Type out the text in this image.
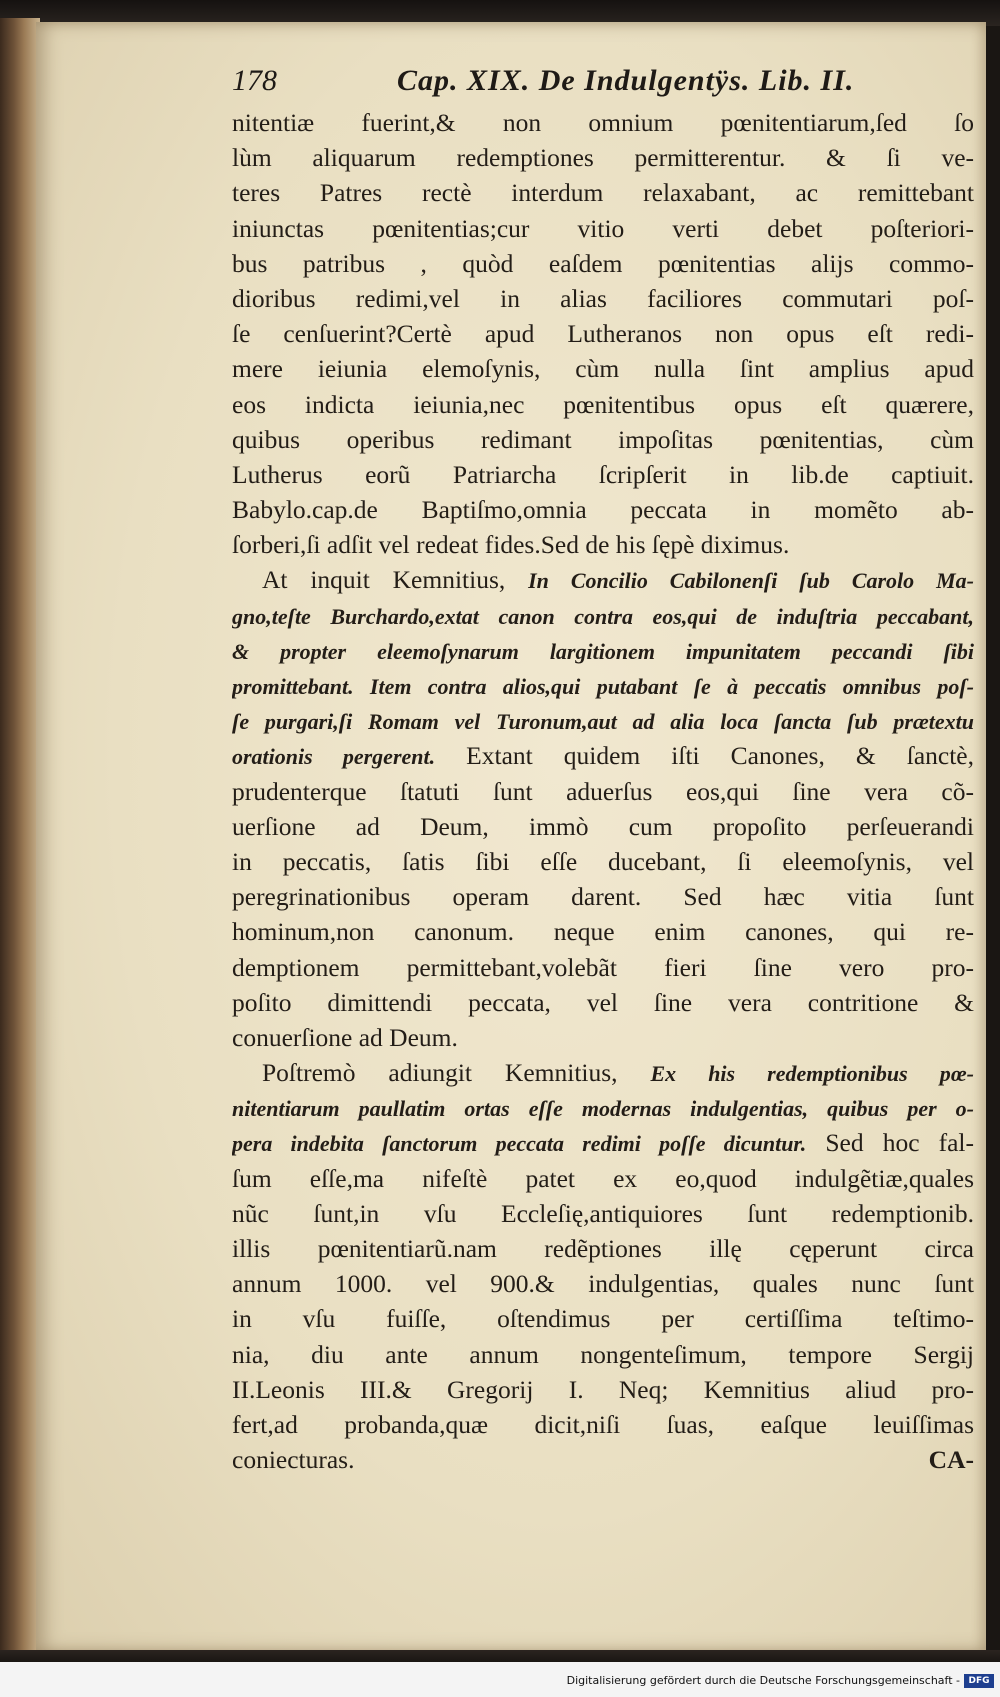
178	Cap. XIX. De Indulgentÿs. Lib. II.
nitentiæ fuerint,& non omnium pœnitentiarum,ſed ſo
lùm aliquarum redemptiones permitterentur. & ſi ve-
teres Patres rectè interdum relaxabant, ac remittebant
iniunctas pœnitentias;cur vitio verti debet poſteriori-
bus patribus , quòd eaſdem pœnitentias alijs commo-
dioribus redimi,vel in alias faciliores commutari poſ-
ſe cenſuerint?Certè apud Lutheranos non opus eſt redi-
mere ieiunia elemoſynis, cùm nulla ſint amplius apud
eos indicta ieiunia,nec pœnitentibus opus eſt quærere,
quibus operibus redimant impoſitas pœnitentias, cùm
Lutherus eorũ Patriarcha ſcripſerit in lib.de captiuit.
Babylo.cap.de Baptiſmo,omnia peccata in momẽto ab-
ſorberi,ſi adſit vel redeat fides.Sed de his ſępè diximus.
At inquit Kemnitius, In Concilio Cabilonenſi ſub Carolo Ma-
gno,teſte Burchardo,extat canon contra eos,qui de induſtria peccabant,
& propter eleemoſynarum largitionem impunitatem peccandi ſibi
promittebant. Item contra alios,qui putabant ſe à peccatis omnibus poſ-
ſe purgari,ſi Romam vel Turonum,aut ad alia loca ſancta ſub prætextu
orationis pergerent. Extant quidem iſti Canones, & ſanctè,
prudenterque ſtatuti ſunt aduerſus eos,qui ſine vera cõ-
uerſione ad Deum, immò cum propoſito perſeuerandi
in peccatis, ſatis ſibi eſſe ducebant, ſi eleemoſynis, vel
peregrinationibus operam darent. Sed hæc vitia ſunt
hominum,non canonum. neque enim canones, qui re-
demptionem permittebant,volebãt fieri ſine vero pro-
poſito dimittendi peccata, vel ſine vera contritione &
conuerſione ad Deum.
Poſtremò adiungit Kemnitius, Ex his redemptionibus pœ-
nitentiarum paullatim ortas eſſe modernas indulgentias, quibus per o-
pera indebita ſanctorum peccata redimi poſſe dicuntur. Sed hoc fal-
ſum eſſe,ma nifeſtè patet ex eo,quod indulgẽtiæ,quales
nũc ſunt,in vſu Eccleſię,antiquiores ſunt redemptionib.
illis pœnitentiarũ.nam redẽptiones illę cęperunt circa
annum 1000. vel 900.& indulgentias, quales nunc ſunt
in vſu fuiſſe, oſtendimus per certiſſima teſtimo-
nia, diu ante annum nongenteſimum, tempore Sergij
II.Leonis III.& Gregorij I. Neq; Kemnitius aliud pro-
fert,ad probanda,quæ dicit,niſi ſuas, eaſque leuiſſimas
coniecturas.	CA-
Digitalisierung gefördert durch die Deutsche Forschungsgemeinschaft - DFG
